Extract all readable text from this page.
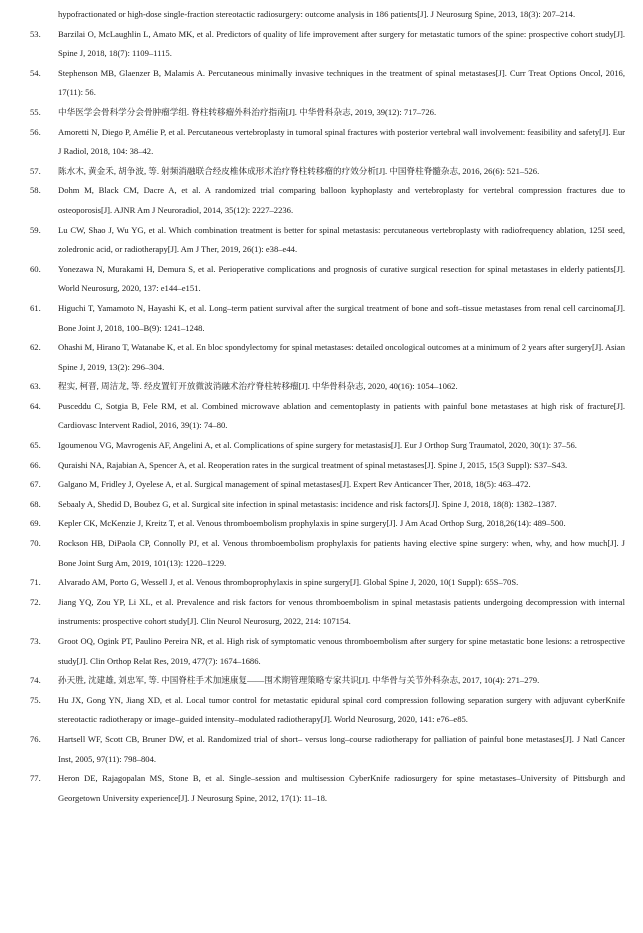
hypofractionated or high-dose single-fraction stereotactic radiosurgery: outcome analysis in 186 patients[J]. J Neurosurg Spine, 2013, 18(3): 207–214.
53.	Barzilai O, McLaughlin L, Amato MK, et al. Predictors of quality of life improvement after surgery for metastatic tumors of the spine: prospective cohort study[J]. Spine J, 2018, 18(7): 1109–1115.
54.	Stephenson MB, Glaenzer B, Malamis A. Percutaneous minimally invasive techniques in the treatment of spinal metastases[J]. Curr Treat Options Oncol, 2016, 17(11): 56.
55.	中华医学会骨科学分会骨肿瘤学组. 脊柱转移瘤外科治疗指南[J]. 中华骨科杂志, 2019, 39(12): 717–726.
56.	Amoretti N, Diego P, Amélie P, et al. Percutaneous vertebroplasty in tumoral spinal fractures with posterior vertebral wall involvement: feasibility and safety[J]. Eur J Radiol, 2018, 104: 38–42.
57.	陈水木, 黄金禾, 胡争波, 等. 射频消融联合经皮椎体成形术治疗脊柱转移瘤的疗效分析[J]. 中国脊柱脊髓杂志, 2016, 26(6): 521–526.
58.	Dohm M, Black CM, Dacre A, et al. A randomized trial comparing balloon kyphoplasty and vertebroplasty for vertebral compression fractures due to osteoporosis[J]. AJNR Am J Neuroradiol, 2014, 35(12): 2227–2236.
59.	Lu CW, Shao J, Wu YG, et al. Which combination treatment is better for spinal metastasis: percutaneous vertebroplasty with radiofrequency ablation, 125I seed, zoledronic acid, or radiotherapy[J]. Am J Ther, 2019, 26(1): e38–e44.
60.	Yonezawa N, Murakami H, Demura S, et al. Perioperative complications and prognosis of curative surgical resection for spinal metastases in elderly patients[J]. World Neurosurg, 2020, 137: e144–e151.
61.	Higuchi T, Yamamoto N, Hayashi K, et al. Long–term patient survival after the surgical treatment of bone and soft–tissue metastases from renal cell carcinoma[J]. Bone Joint J, 2018, 100–B(9): 1241–1248.
62.	Ohashi M, Hirano T, Watanabe K, et al. En bloc spondylectomy for spinal metastases: detailed oncological outcomes at a minimum of 2 years after surgery[J]. Asian Spine J, 2019, 13(2): 296–304.
63.	程实, 柯晋, 周洁龙, 等. 经皮置钉开放微波消融术治疗脊柱转移瘤[J]. 中华骨科杂志, 2020, 40(16): 1054–1062.
64.	Pusceddu C, Sotgia B, Fele RM, et al. Combined microwave ablation and cementoplasty in patients with painful bone metastases at high risk of fracture[J]. Cardiovasc Intervent Radiol, 2016, 39(1): 74–80.
65.	Igoumenou VG, Mavrogenis AF, Angelini A, et al. Complications of spine surgery for metastasis[J]. Eur J Orthop Surg Traumatol, 2020, 30(1): 37–56.
66.	Quraishi NA, Rajabian A, Spencer A, et al. Reoperation rates in the surgical treatment of spinal metastases[J]. Spine J, 2015, 15(3 Suppl): S37–S43.
67.	Galgano M, Fridley J, Oyelese A, et al. Surgical management of spinal metastases[J]. Expert Rev Anticancer Ther, 2018, 18(5): 463–472.
68.	Sebaaly A, Shedid D, Boubez G, et al. Surgical site infection in spinal metastasis: incidence and risk factors[J]. Spine J, 2018, 18(8): 1382–1387.
69.	Kepler CK, McKenzie J, Kreitz T, et al. Venous thromboembolism prophylaxis in spine surgery[J]. J Am Acad Orthop Surg, 2018,26(14): 489–500.
70.	Rockson HB, DiPaola CP, Connolly PJ, et al. Venous thromboembolism prophylaxis for patients having elective spine surgery: when, why, and how much[J]. J Bone Joint Surg Am, 2019, 101(13): 1220–1229.
71.	Alvarado AM, Porto G, Wessell J, et al. Venous thromboprophylaxis in spine surgery[J]. Global Spine J, 2020, 10(1 Suppl): 65S–70S.
72.	Jiang YQ, Zou YP, Li XL, et al. Prevalence and risk factors for venous thromboembolism in spinal metastasis patients undergoing decompression with internal instruments: prospective cohort study[J]. Clin Neurol Neurosurg, 2022, 214: 107154.
73.	Groot OQ, Ogink PT, Paulino Pereira NR, et al. High risk of symptomatic venous thromboembolism after surgery for spine metastatic bone lesions: a retrospective study[J]. Clin Orthop Relat Res, 2019, 477(7): 1674–1686.
74.	孙天胜, 沈建雄, 刘忠军, 等. 中国脊柱手术加速康复——围术期管理策略专家共识[J]. 中华骨与关节外科杂志, 2017, 10(4): 271–279.
75.	Hu JX, Gong YN, Jiang XD, et al. Local tumor control for metastatic epidural spinal cord compression following separation surgery with adjuvant cyberKnife stereotactic radiotherapy or image–guided intensity–modulated radiotherapy[J]. World Neurosurg, 2020, 141: e76–e85.
76.	Hartsell WF, Scott CB, Bruner DW, et al. Randomized trial of short– versus long–course radiotherapy for palliation of painful bone metastases[J]. J Natl Cancer Inst, 2005, 97(11): 798–804.
77.	Heron DE, Rajagopalan MS, Stone B, et al. Single–session and multisession CyberKnife radiosurgery for spine metastases–University of Pittsburgh and Georgetown University experience[J]. J Neurosurg Spine, 2012, 17(1): 11–18.
